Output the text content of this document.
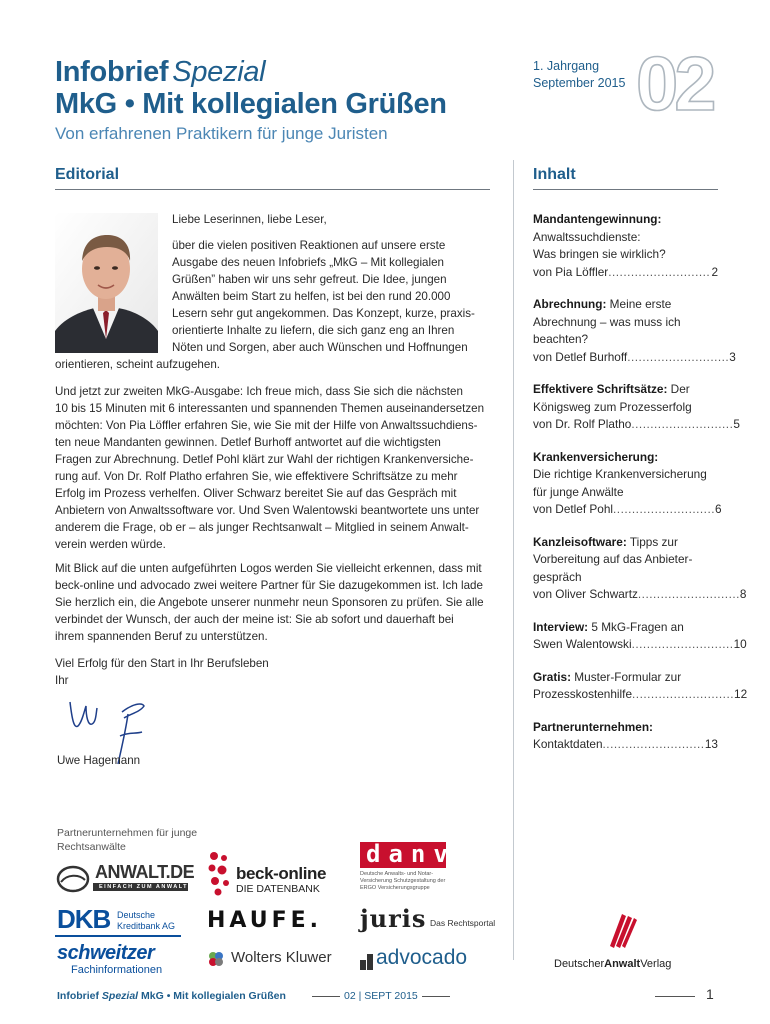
Infobrief Spezial
MkG • Mit kollegialen Grüßen
Von erfahrenen Praktikern für junge Juristen
1. Jahrgang
September 2015 02
Editorial	Inhalt
Liebe Leserinnen, liebe Leser,
über die vielen positiven Reaktionen auf unsere erste
Ausgabe des neuen Infobriefs „MkG – Mit kollegialen
Grüßen” haben wir uns sehr gefreut. Die Idee, jungen
Anwälten beim Start zu helfen, ist bei den rund 20.000
Lesern sehr gut angekommen. Das Konzept, kurze, praxis-
orientierte Inhalte zu liefern, die sich ganz eng an Ihren
Nöten und Sorgen, aber auch Wünschen und Hoffnungen
orientieren, scheint aufzugehen.
Und jetzt zur zweiten MkG-Ausgabe: Ich freue mich, dass Sie sich die nächsten
10 bis 15 Minuten mit 6 interessanten und spannenden Themen auseinandersetzen
möchten: Von Pia Löffler erfahren Sie, wie Sie mit der Hilfe von Anwaltssuchdiens-
ten neue Mandanten gewinnen. Detlef Burhoff antwortet auf die wichtigsten
Fragen zur Abrechnung. Detlef Pohl klärt zur Wahl der richtigen Krankenversiche-
rung auf. Von Dr. Rolf Platho erfahren Sie, wie effektivere Schriftsätze zu mehr
Erfolg im Prozess verhelfen. Oliver Schwarz bereitet Sie auf das Gespräch mit
Anbietern von Anwaltssoftware vor. Und Sven Walentowski beantwortete uns unter
anderem die Frage, ob er – als junger Rechtsanwalt – Mitglied in seinem Anwalt-
verein werden würde.
Mit Blick auf die unten aufgeführten Logos werden Sie vielleicht erkennen, dass mit
beck-online und advocado zwei weitere Partner für Sie dazugekommen ist. Ich lade
Sie herzlich ein, die Angebote unserer nunmehr neun Sponsoren zu prüfen. Sie alle
verbindet der Wunsch, der auch der meine ist: Sie ab sofort und dauerhaft bei
ihrem spannenden Beruf zu unterstützen.
Viel Erfolg für den Start in Ihr Berufsleben
Ihr
Uwe Hagemann
Mandantengewinnung:
Anwaltssuchdienste:
Was bringen sie wirklich?
von Pia Löffler ........................... 2
Abrechnung: Meine erste
Abrechnung – was muss ich
beachten?
von Detlef Burhoff ........................... 3
Effektivere Schriftsätze: Der
Königsweg zum Prozesserfolg
von Dr. Rolf Platho ........................... 5
Krankenversicherung:
Die richtige Krankenversicherung
für junge Anwälte
von Detlef Pohl ........................... 6
Kanzleisoftware: Tipps zur
Vorbereitung auf das Anbieter-
gespräch
von Oliver Schwartz ........................... 8
Interview: 5 MkG-Fragen an
Swen Walentowski ........................... 10
Gratis: Muster-Formular zur
Prozesskostenhilfe ........................... 12
Partnerunternehmen:
Kontaktdaten ........................... 13
Partnerunternehmen für junge Rechtsanwälte
ANWALT.DE
EINFACH ZUM ANWALT
beck-online
DIE DATENBANK
danv
Deutsche Anwalts- und Notar-Versicherung Schutzgestaltung der ERGO Versicherungsgruppe
DKB Deutsche
Kreditbank AG HAUFE. juris Das Rechtsportal
schweitzer
Fachinformationen
Wolters Kluwer advocado	DeutscherAnwaltVerlag
Infobrief Spezial MkG • Mit kollegialen Grüßen	02 | SEPT 2015	1
